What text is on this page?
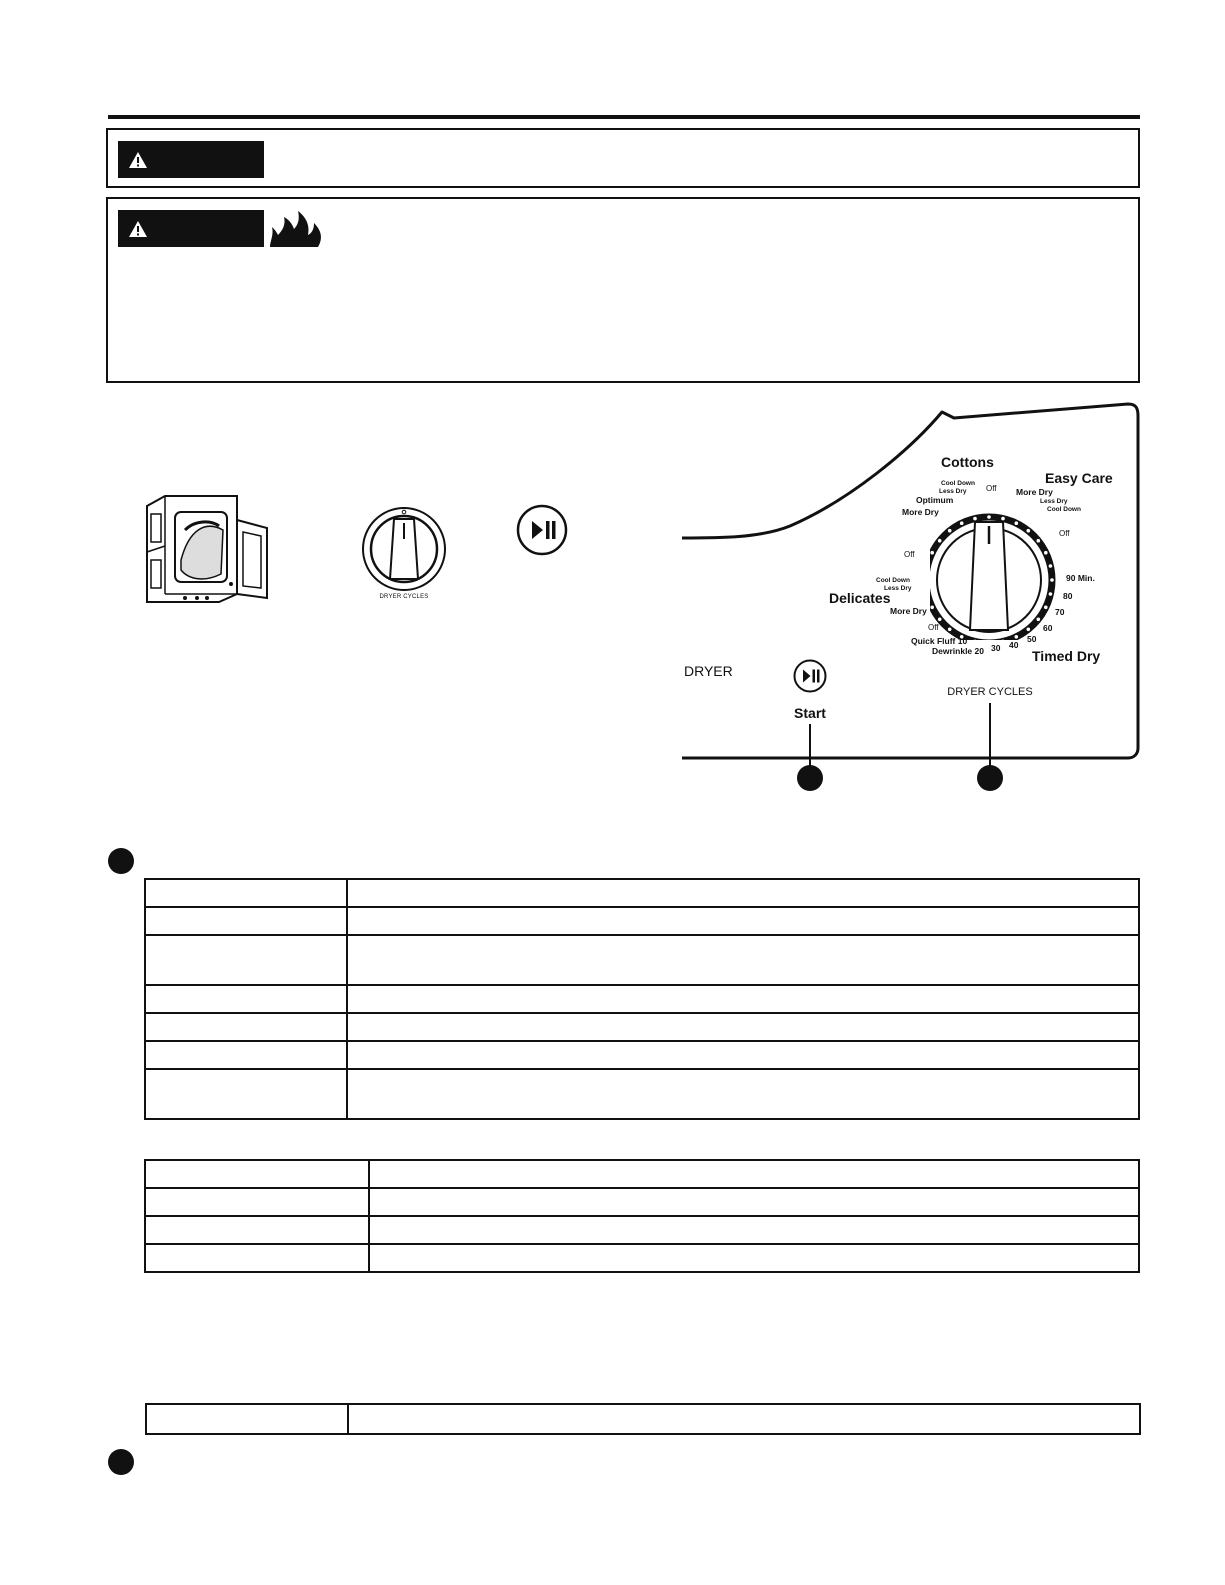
DRYER CYCLES
DRYER
Start
DRYER CYCLES
Cottons
Easy Care
Delicates
Timed Dry
Cool Down
Less Dry Off
Optimum
More Dry
More Dry
Less Dry
Cool Down
Off
Off
90 Min.
80
70
60
50
40
30
Cool Down
Less Dry
More Dry
Off
Quick Fluff 10
Dewrinkle 20
